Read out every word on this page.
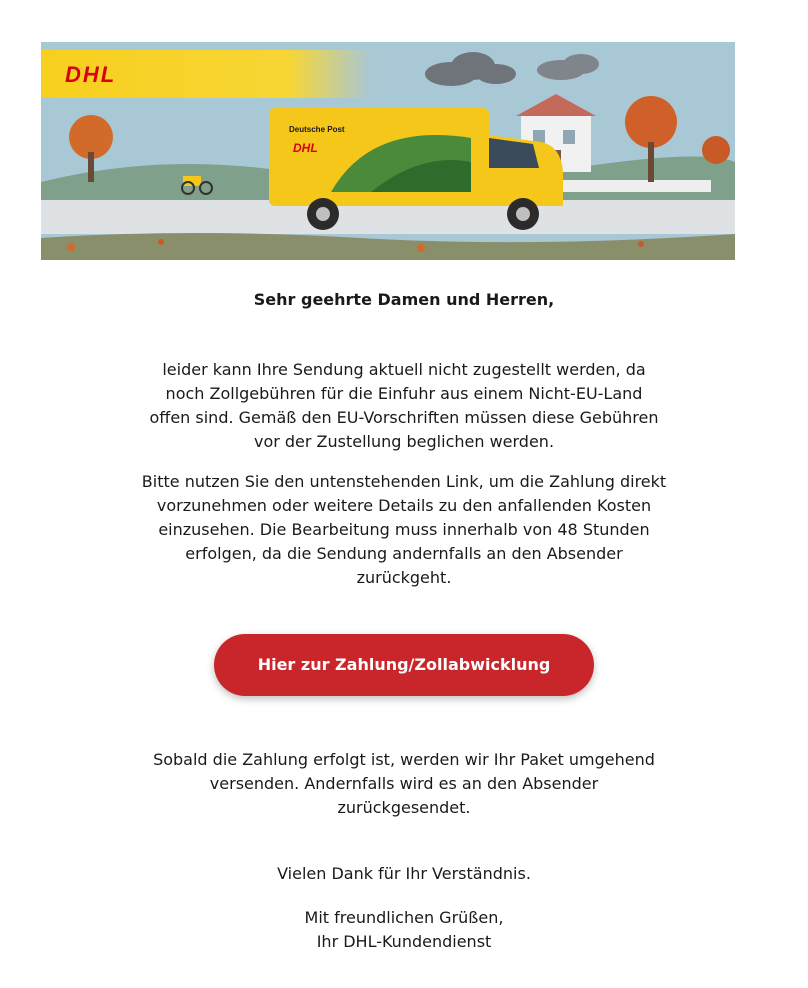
DHL
Deutsche Post
DHL

Sehr geehrte Damen und Herren,

leider kann Ihre Sendung aktuell nicht zugestellt werden, da
noch Zollgebühren für die Einfuhr aus einem Nicht-EU-Land
offen sind. Gemäß den EU-Vorschriften müssen diese Gebühren
vor der Zustellung beglichen werden.

Bitte nutzen Sie den untenstehenden Link, um die Zahlung direkt
vorzunehmen oder weitere Details zu den anfallenden Kosten
einzusehen. Die Bearbeitung muss innerhalb von 48 Stunden
erfolgen, da die Sendung andernfalls an den Absender
zurückgeht.

Hier zur Zahlung/Zollabwicklung

Sobald die Zahlung erfolgt ist, werden wir Ihr Paket umgehend
versenden. Andernfalls wird es an den Absender
zurückgesendet.

Vielen Dank für Ihr Verständnis.

Mit freundlichen Grüßen,
Ihr DHL-Kundendienst
